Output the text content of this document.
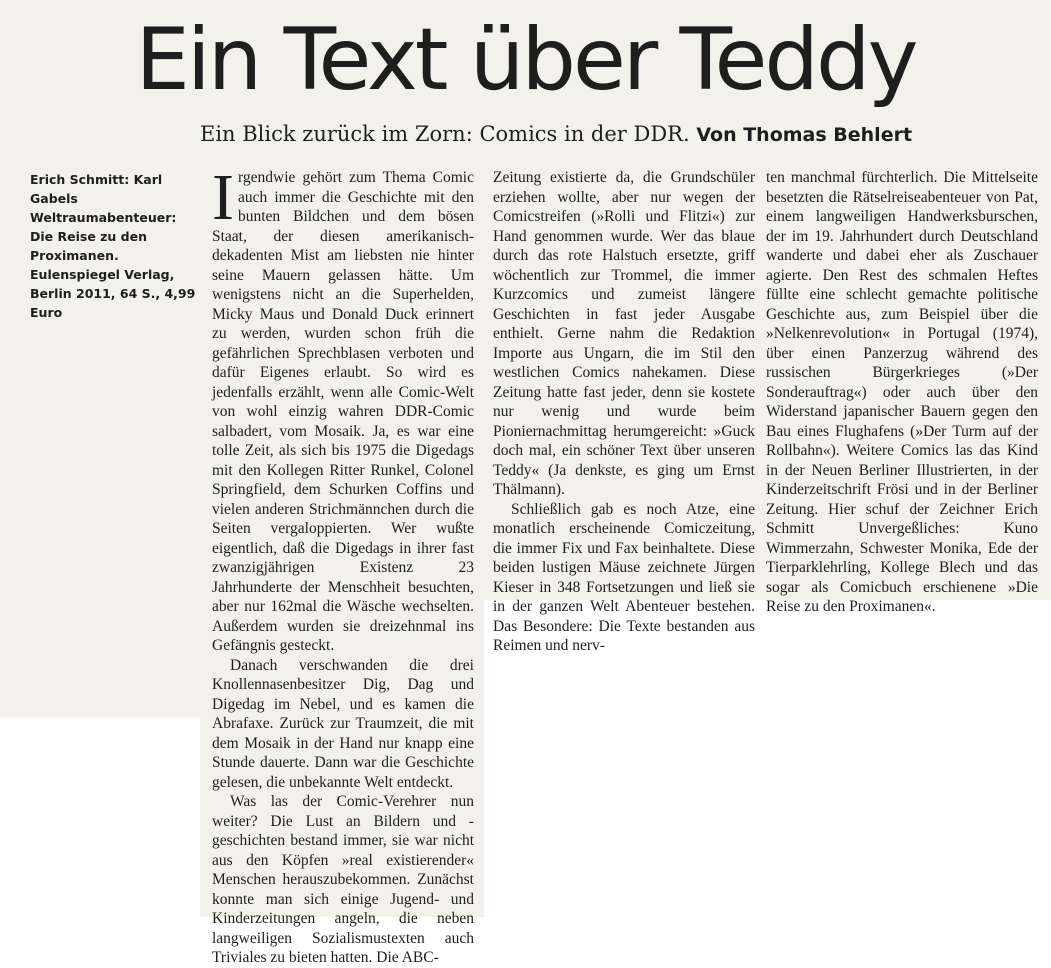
Ein Text über Teddy
Ein Blick zurück im Zorn: Comics in der DDR. Von Thomas Behlert
Erich Schmitt: Karl Gabels Weltraumabenteuer: Die Reise zu den Proximanen. Eulenspiegel Verlag, Berlin 2011, 64 S., 4,99 Euro

Irgendwie gehört zum Thema Comic auch immer die Geschichte mit den bunten Bildchen und dem bösen Staat, der diesen amerikanisch-dekadenten Mist am liebsten nie hinter seine Mauern gelassen hätte. Um wenigstens nicht an die Superhelden, Micky Maus und Donald Duck erinnert zu werden, wurden schon früh die gefährlichen Sprechblasen verboten und dafür Eigenes erlaubt. So wird es jedenfalls erzählt, wenn alle Comic-Welt von wohl einzig wahren DDR-Comic salbadert, vom Mosaik. Ja, es war eine tolle Zeit, als sich bis 1975 die Digedags mit den Kollegen Ritter Runkel, Colonel Springfield, dem Schurken Coffins und vielen anderen Strichmännchen durch die Seiten vergaloppierten. Wer wußte eigentlich, daß die Digedags in ihrer fast zwanzigjährigen Existenz 23 Jahrhunderte der Menschheit besuchten, aber nur 162mal die Wäsche wechselten. Außerdem wurden sie dreizehnmal ins Gefängnis gesteckt.

Danach verschwanden die drei Knollennasenbesitzer Dig, Dag und Digedag im Nebel, und es kamen die Abrafaxe. Zurück zur Traumzeit, die mit dem Mosaik in der Hand nur knapp eine Stunde dauerte. Dann war die Geschichte gelesen, die unbekannte Welt entdeckt.

Was las der Comic-Verehrer nun weiter? Die Lust an Bildern und -geschichten bestand immer, sie war nicht aus den Köpfen »real existierender« Menschen herauszubekommen. Zunächst konnte man sich einige Jugend- und Kinderzeitungen angeln, die neben langweiligen Sozialismustexten auch Triviales zu bieten hatten. Die ABC-

Zeitung existierte da, die Grundschüler erziehen wollte, aber nur wegen der Comicstreifen (»Rolli und Flitzi«) zur Hand genommen wurde. Wer das blaue durch das rote Halstuch ersetzte, griff wöchentlich zur Trommel, die immer Kurzcomics und zumeist längere Geschichten in fast jeder Ausgabe enthielt. Gerne nahm die Redaktion Importe aus Ungarn, die im Stil den westlichen Comics nahekamen. Diese Zeitung hatte fast jeder, denn sie kostete nur wenig und wurde beim Pioniernachmittag herumgereicht: »Guck doch mal, ein schöner Text über unseren Teddy« (Ja denkste, es ging um Ernst Thälmann).

Schließlich gab es noch Atze, eine monatlich erscheinende Comiczeitung, die immer Fix und Fax beinhaltete. Diese beiden lustigen Mäuse zeichnete Jürgen Kieser in 348 Fortsetzungen und ließ sie in der ganzen Welt Abenteuer bestehen. Das Besondere: Die Texte bestanden aus Reimen und nerv-

ten manchmal fürchterlich. Die Mittelseite besetzten die Rätselreiseabenteuer von Pat, einem langweiligen Handwerksburschen, der im 19. Jahrhundert durch Deutschland wanderte und dabei eher als Zuschauer agierte. Den Rest des schmalen Heftes füllte eine schlecht gemachte politische Geschichte aus, zum Beispiel über die »Nelkenrevolution« in Portugal (1974), über einen Panzerzug während des russischen Bürgerkrieges (»Der Sonderauftrag«) oder auch über den Widerstand japanischer Bauern gegen den Bau eines Flughafens (»Der Turm auf der Rollbahn«). Weitere Comics las das Kind in der Neuen Berliner Illustrierten, in der Kinderzeitschrift Frösi und in der Berliner Zeitung. Hier schuf der Zeichner Erich Schmitt Unvergeßliches: Kuno Wimmerzahn, Schwester Monika, Ede der Tierparklehrling, Kollege Blech und das sogar als Comicbuch erschienene »Die Reise zu den Proximanen«.
